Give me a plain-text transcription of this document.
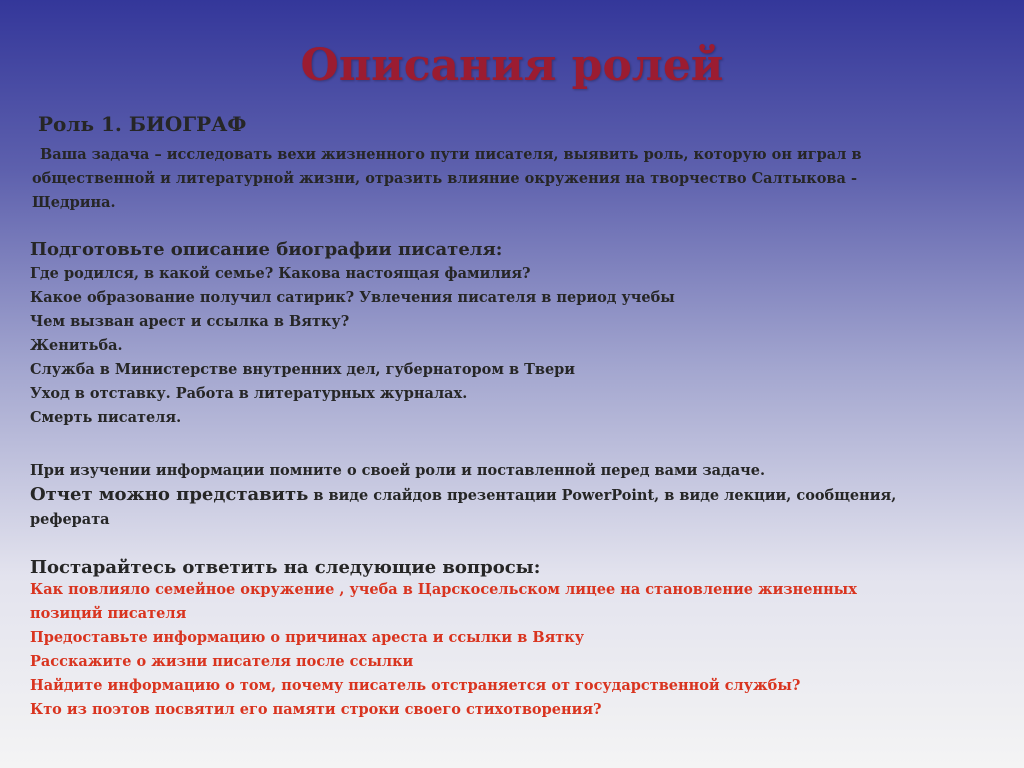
Описания ролей
Роль 1. БИОГРАФ
Ваша задача – исследовать вехи жизненного пути писателя, выявить роль, которую он играл в общественной и литературной жизни, отразить влияние окружения на творчество Салтыкова - Щедрина.
Подготовьте описание биографии писателя:
Где родился, в какой семье? Какова настоящая фамилия?
Какое образование получил сатирик? Увлечения писателя в период учебы
Чем вызван арест и ссылка в Вятку?
Женитьба.
Служба в Министерстве внутренних дел, губернатором в Твери
Уход в отставку. Работа в литературных журналах.
Смерть писателя.
При изучении информации помните о своей роли и поставленной перед вами задаче.
Отчет можно представить в виде слайдов презентации PowerPoint, в виде лекции, сообщения, реферата
Постарайтесь ответить на следующие вопросы:
Как повлияло семейное окружение , учеба в Царскосельском лицее на становление жизненных позиций писателя
Предоставьте информацию о причинах ареста и ссылки в Вятку
Расскажите о жизни писателя после ссылки
Найдите информацию о том, почему писатель отстраняется от государственной службы?
Кто из поэтов посвятил его памяти строки своего стихотворения?
